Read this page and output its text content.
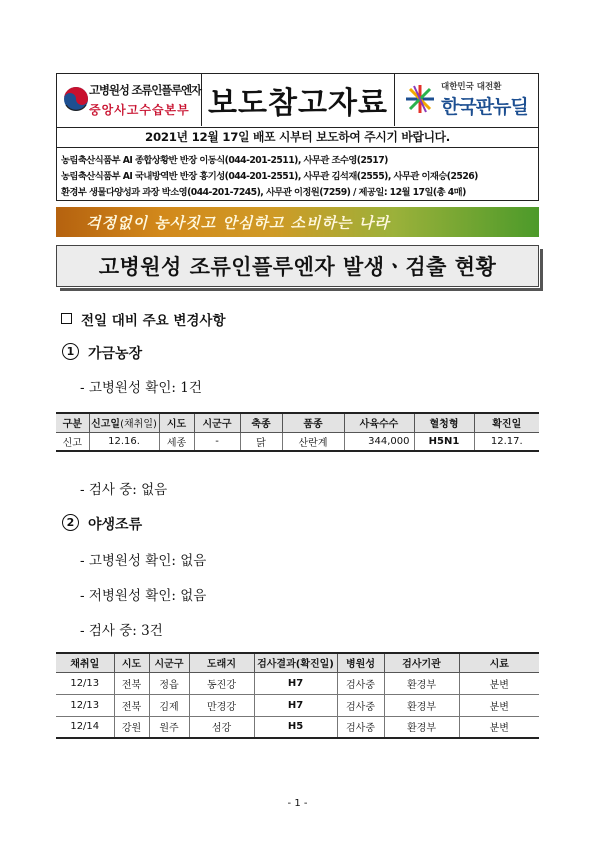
고병원성 조류인플루엔자
중앙사고수습본부 보도참고자료	대한민국 대전환
한국판뉴딜
2021년 12월 17일 배포 시부터 보도하여 주시기 바랍니다.
농림축산식품부 AI 종합상황반 반장 이동식(044-201-2511), 사무관 조수영(2517)
농림축산식품부 AI 국내방역반 반장 홍기성(044-201-2551), 사무관 김석재(2555), 사무관 이재승(2526)
환경부 생물다양성과 과장 박소영(044-201-7245), 사무관 이정원(7259) / 제공일: 12월 17일(총 4매)
걱정없이 농사짓고 안심하고 소비하는 나라
고병원성 조류인플루엔자 발생ㆍ검출 현황
전일 대비 주요 변경사항
1 가금농장
- 고병원성 확인: 1건
구분	신고일(채취일)	시도	시군구	축종	품종	사육수수	혈청형	확진일
신고	12.16.	세종	-	닭	산란계	344,000	H5N1	12.17.
- 검사 중: 없음
2 야생조류
- 고병원성 확인: 없음
- 저병원성 확인: 없음
- 검사 중: 3건
채취일	시도	시군구	도래지	검사결과(확진일)	병원성	검사기관	시료
12/13	전북	정읍	동진강	H7	검사중	환경부	분변
12/13	전북	김제	만경강	H7	검사중	환경부	분변
12/14	강원	원주	섬강	H5	검사중	환경부	분변
- 1 -
